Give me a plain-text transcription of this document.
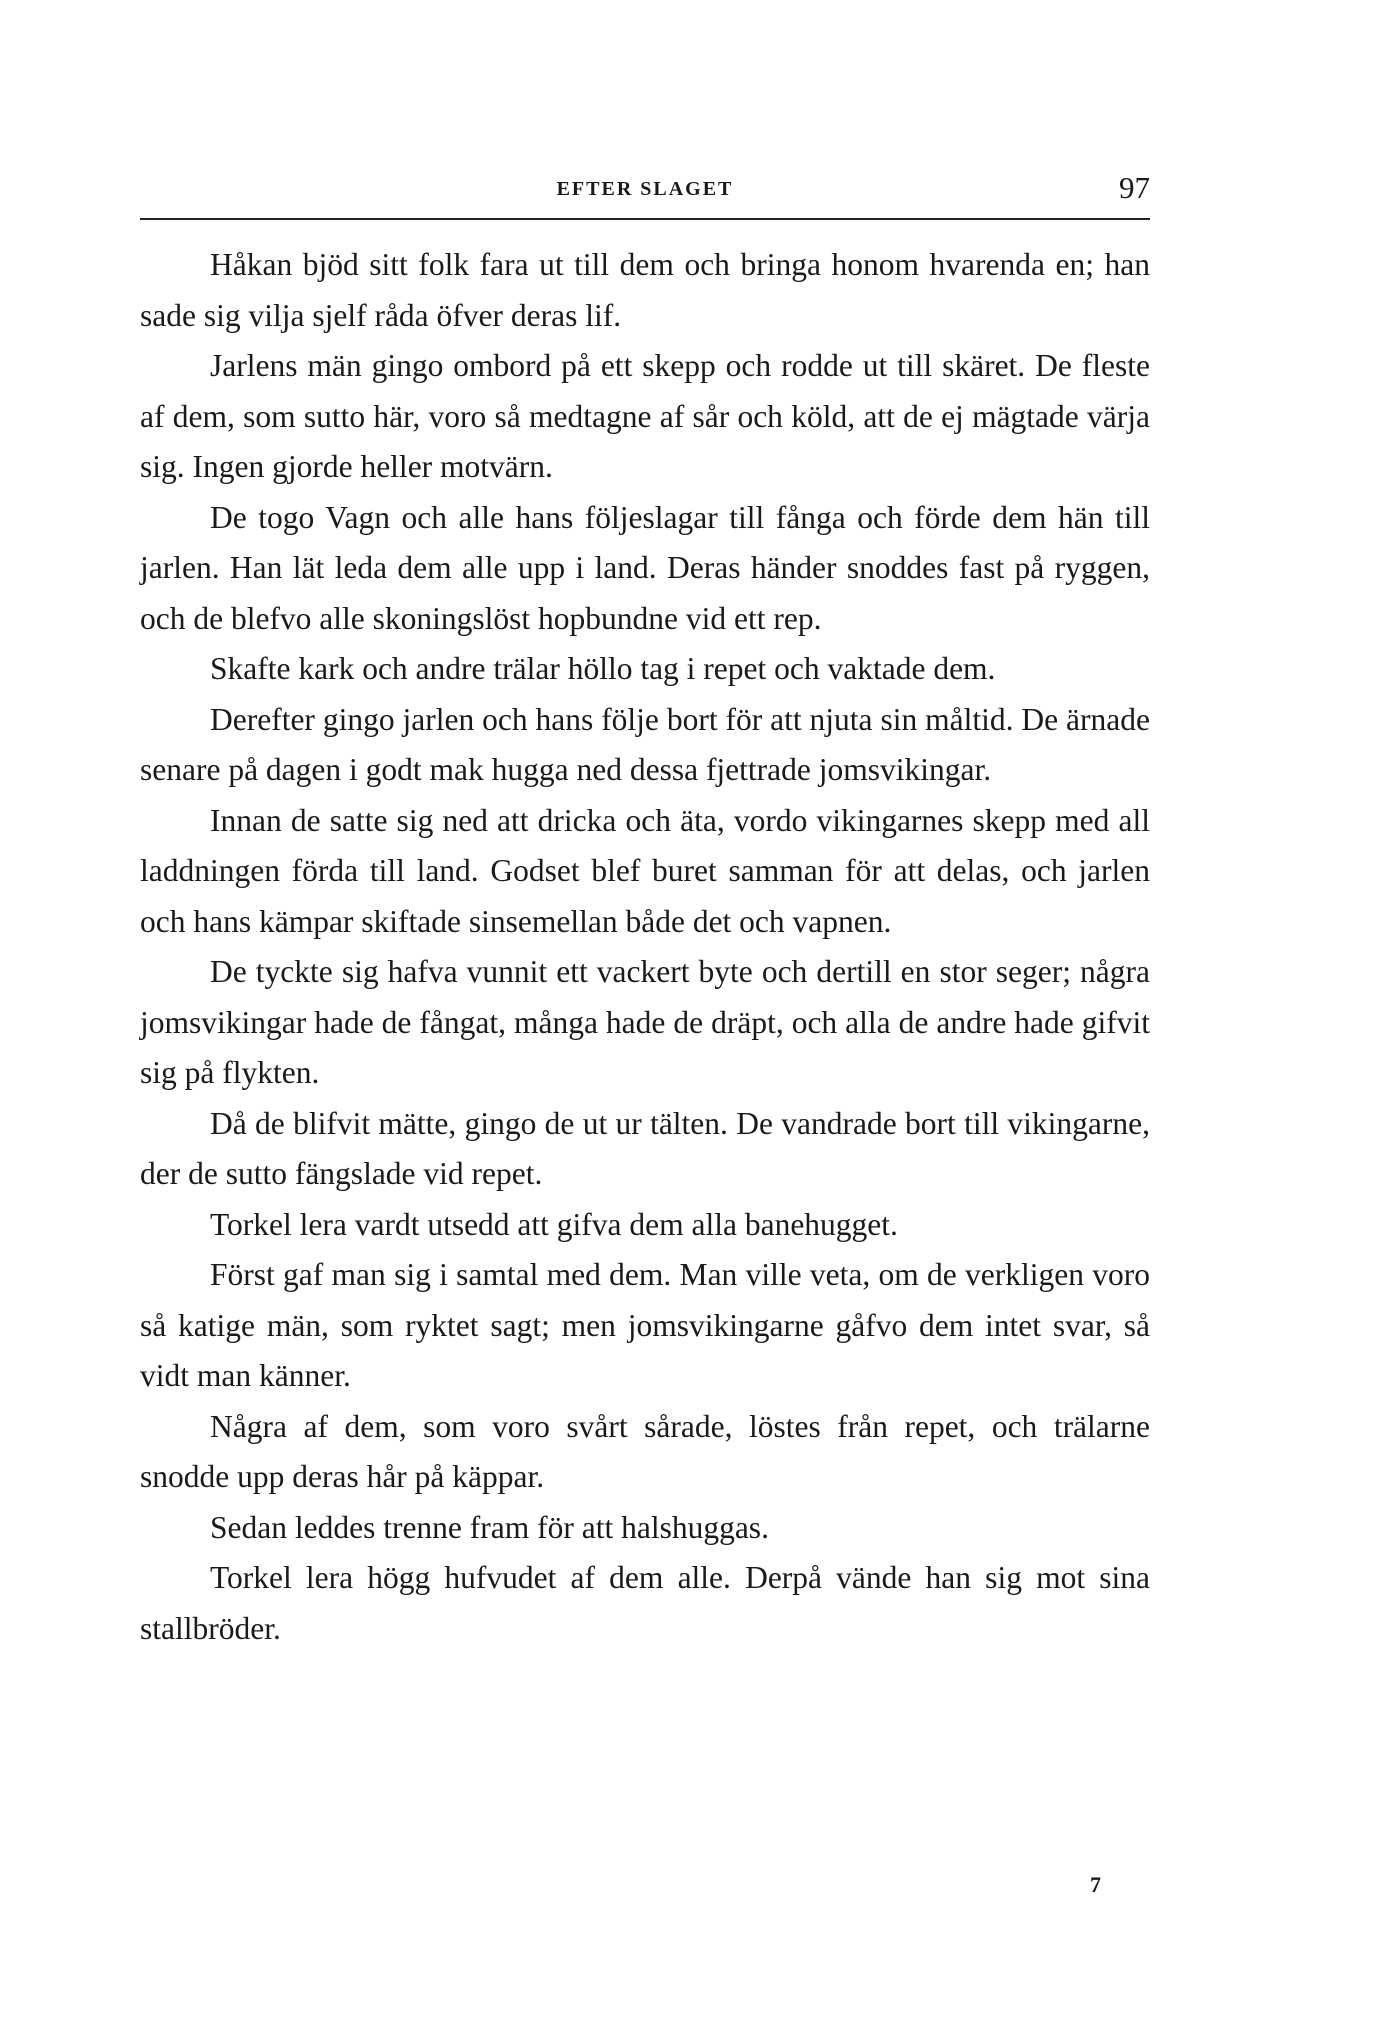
EFTER SLAGET	97

Håkan bjöd sitt folk fara ut till dem och bringa honom hvarenda en; han sade sig vilja sjelf råda öfver deras lif.

Jarlens män gingo ombord på ett skepp och rodde ut till skäret. De fleste af dem, som sutto här, voro så medtagne af sår och köld, att de ej mägtade värja sig. Ingen gjorde heller motvärn.

De togo Vagn och alle hans följeslagar till fånga och förde dem hän till jarlen. Han lät leda dem alle upp i land. Deras händer snoddes fast på ryggen, och de blefvo alle skoningslöst hopbundne vid ett rep.

Skafte kark och andre trälar höllo tag i repet och vaktade dem.

Derefter gingo jarlen och hans följe bort för att njuta sin måltid. De ärnade senare på dagen i godt mak hugga ned dessa fjettrade jomsvikingar.

Innan de satte sig ned att dricka och äta, vordo vikingarnes skepp med all laddningen förda till land. Godset blef buret samman för att delas, och jarlen och hans kämpar skiftade sinsemellan både det och vapnen.

De tyckte sig hafva vunnit ett vackert byte och dertill en stor seger; några jomsvikingar hade de fångat, många hade de dräpt, och alla de andre hade gifvit sig på flykten.

Då de blifvit mätte, gingo de ut ur tälten. De vandrade bort till vikingarne, der de sutto fängslade vid repet.

Torkel lera vardt utsedd att gifva dem alla banehugget.

Först gaf man sig i samtal med dem. Man ville veta, om de verkligen voro så katige män, som ryktet sagt; men jomsvikingarne gåfvo dem intet svar, så vidt man känner.

Några af dem, som voro svårt sårade, löstes från repet, och trälarne snodde upp deras hår på käppar.

Sedan leddes trenne fram för att halshuggas.

Torkel lera högg hufvudet af dem alle. Derpå vände han sig mot sina stallbröder.

7
